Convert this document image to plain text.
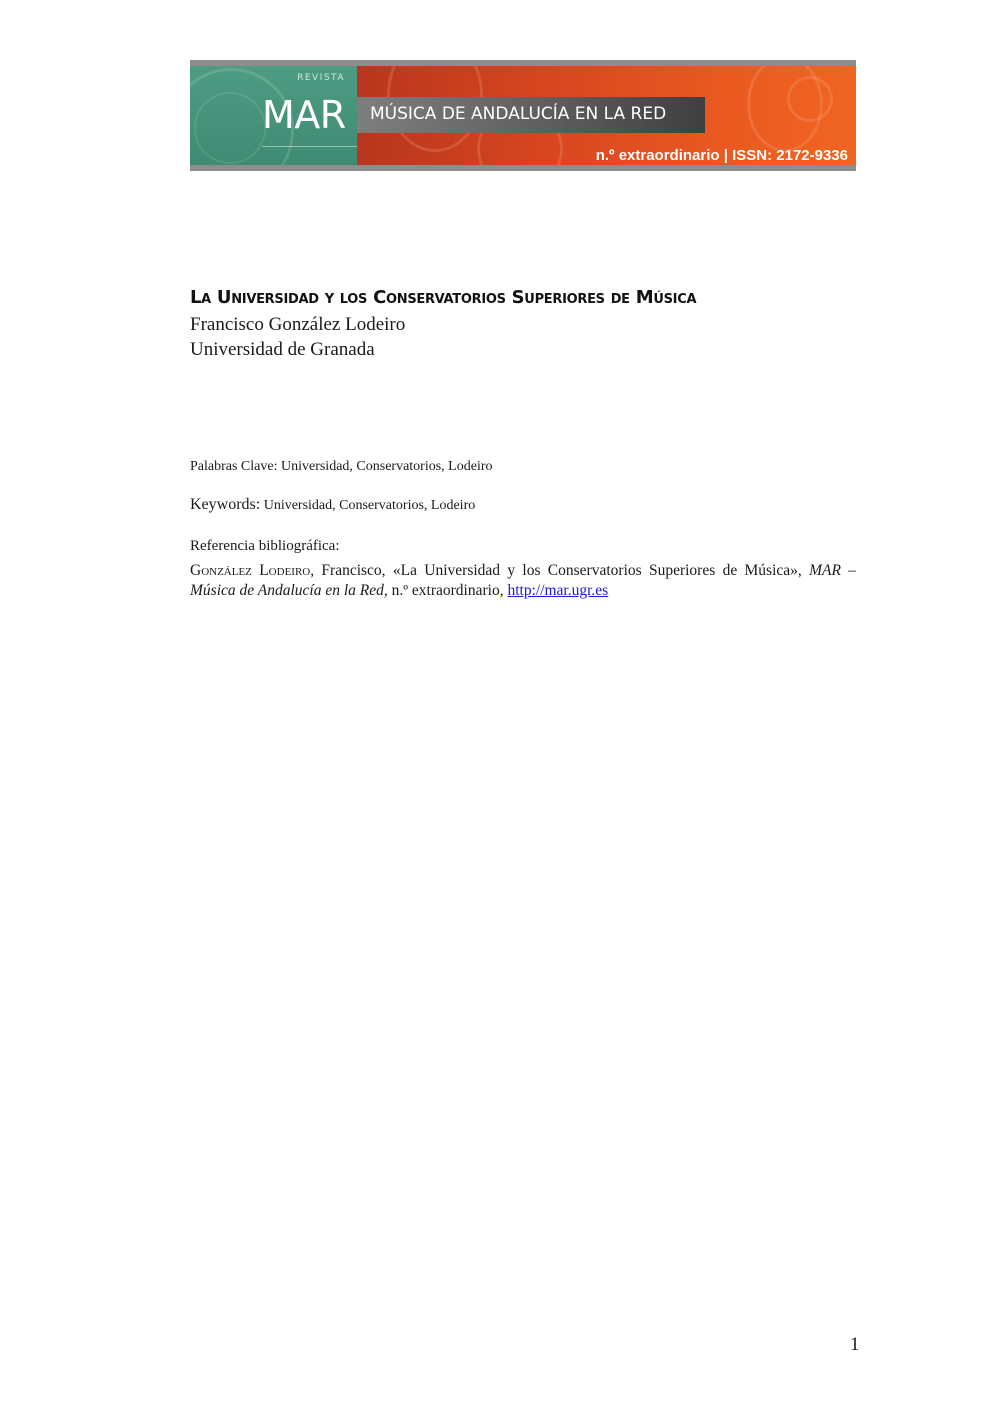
REVISTA
MAR
n.º extraordinario | ISSN: 2172-9336
MÚSICA DE ANDALUCÍA EN LA RED
La Universidad y los Conservatorios Superiores de Música
Francisco González Lodeiro
Universidad de Granada
Palabras Clave: Universidad, Conservatorios, Lodeiro
Keywords: Universidad, Conservatorios, Lodeiro
Referencia bibliográfica:
González Lodeiro, Francisco, «La Universidad y los Conservatorios Superiores de Música», MAR – Música de Andalucía en la Red, n.º extraordinario, http://mar.ugr.es
1
